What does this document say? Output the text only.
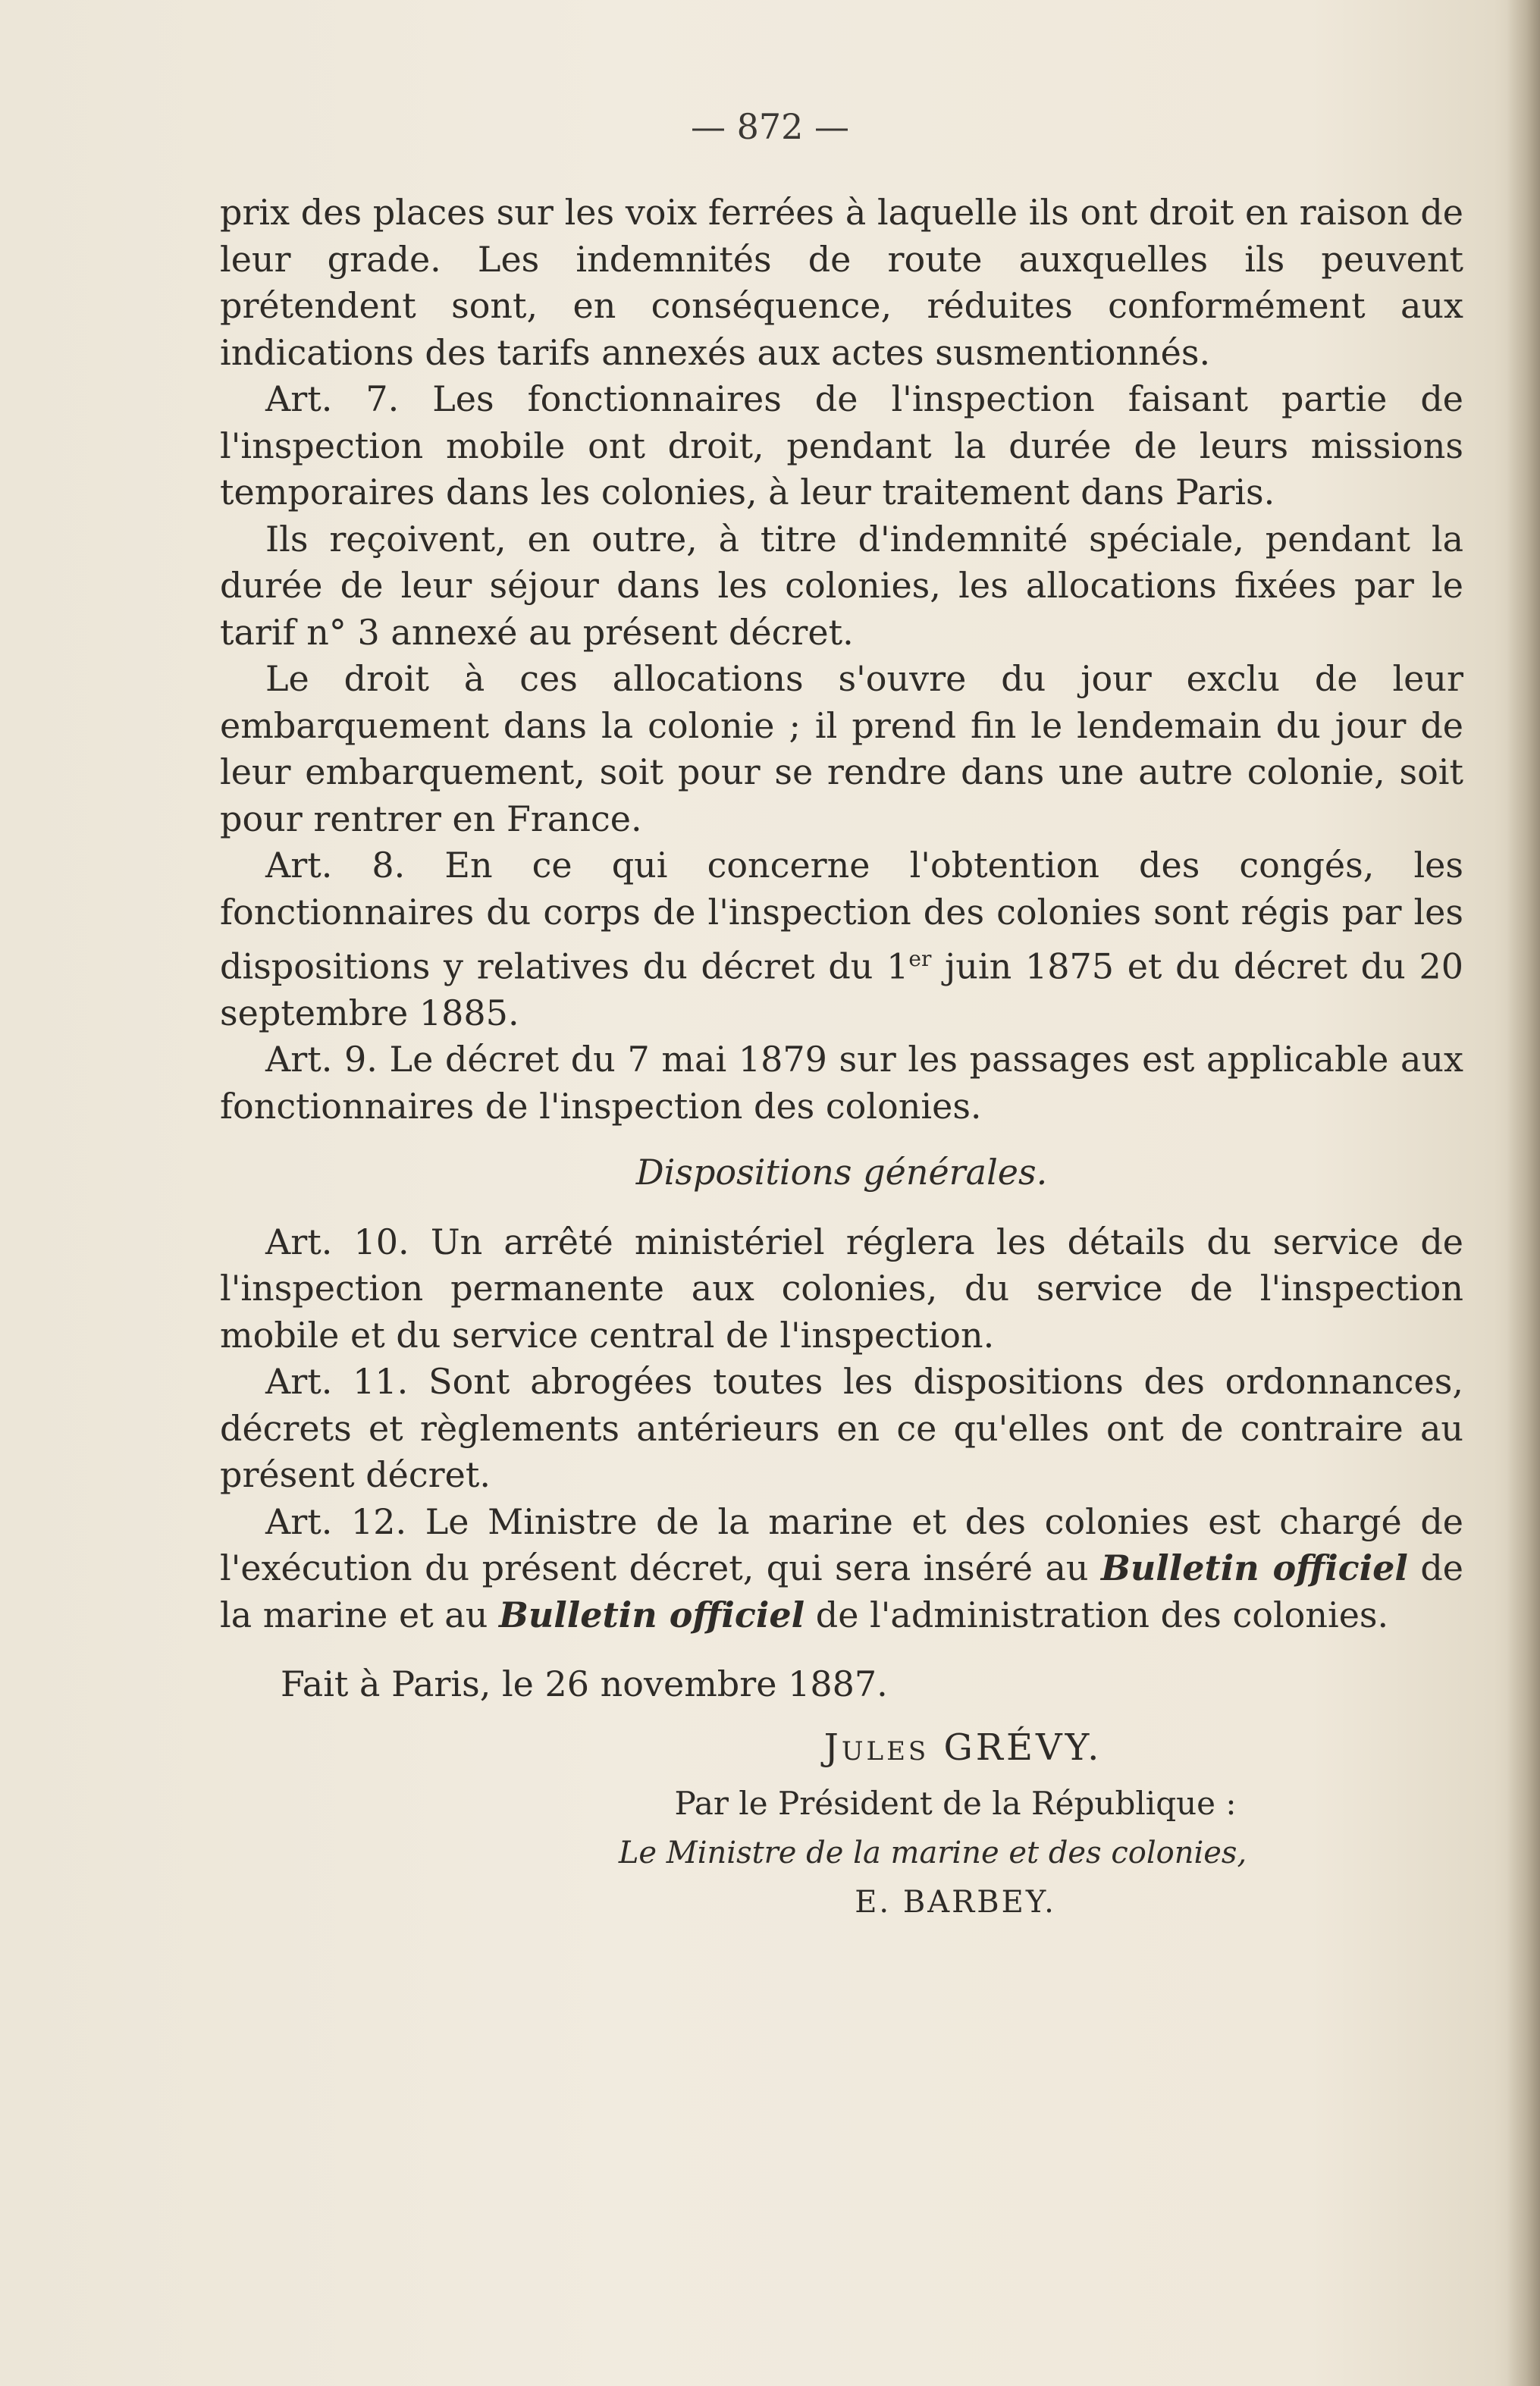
— 872 —

prix des places sur les voix ferrées à laquelle ils ont droit en raison de leur grade. Les indemnités de route auxquelles ils peuvent prétendent sont, en conséquence, réduites conformément aux indications des tarifs annexés aux actes susmentionnés.

Art. 7. Les fonctionnaires de l'inspection faisant partie de l'inspection mobile ont droit, pendant la durée de leurs missions temporaires dans les colonies, à leur traitement dans Paris.

Ils reçoivent, en outre, à titre d'indemnité spéciale, pendant la durée de leur séjour dans les colonies, les allocations fixées par le tarif n° 3 annexé au présent décret.

Le droit à ces allocations s'ouvre du jour exclu de leur embarquement dans la colonie ; il prend fin le lendemain du jour de leur embarquement, soit pour se rendre dans une autre colonie, soit pour rentrer en France.

Art. 8. En ce qui concerne l'obtention des congés, les fonctionnaires du corps de l'inspection des colonies sont régis par les dispositions y relatives du décret du 1er juin 1875 et du décret du 20 septembre 1885.

Art. 9. Le décret du 7 mai 1879 sur les passages est applicable aux fonctionnaires de l'inspection des colonies.

Dispositions générales.

Art. 10. Un arrêté ministériel réglera les détails du service de l'inspection permanente aux colonies, du service de l'inspection mobile et du service central de l'inspection.

Art. 11. Sont abrogées toutes les dispositions des ordonnances, décrets et règlements antérieurs en ce qu'elles ont de contraire au présent décret.

Art. 12. Le Ministre de la marine et des colonies est chargé de l'exécution du présent décret, qui sera inséré au Bulletin officiel de la marine et au Bulletin officiel de l'administration des colonies.

Fait à Paris, le 26 novembre 1887.

Jules GRÉVY.
Par le Président de la République :
Le Ministre de la marine et des colonies,
E. BARBEY.
